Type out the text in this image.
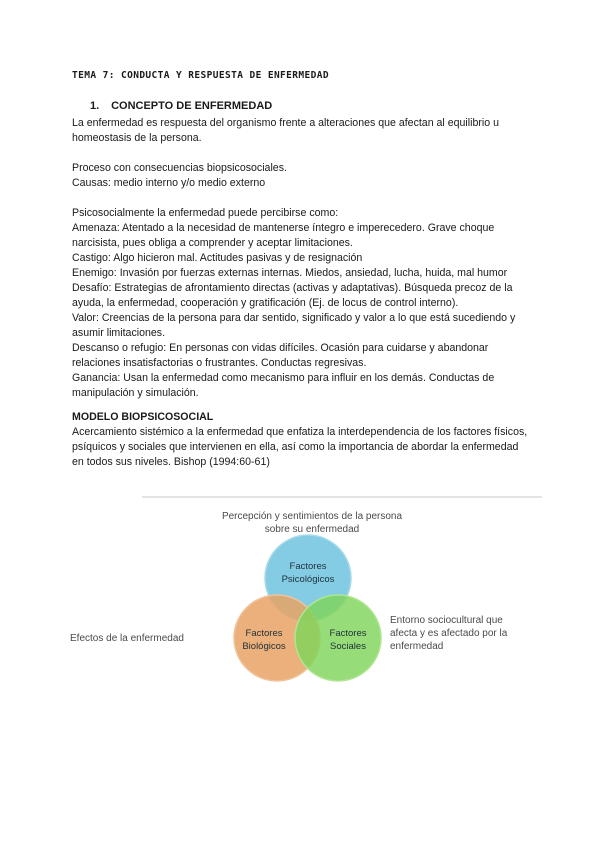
TEMA 7: CONDUCTA Y RESPUESTA DE ENFERMEDAD
1. CONCEPTO DE ENFERMEDAD

La enfermedad es respuesta del organismo frente a alteraciones que afectan al equilibrio u homeostasis de la persona.

Proceso con consecuencias biopsicosociales.

Causas: medio interno y/o medio externo

Psicosocialmente la enfermedad puede percibirse como:

Amenaza: Atentado a la necesidad de mantenerse íntegro e imperecedero. Grave choque narcisista, pues obliga a comprender y aceptar limitaciones.

Castigo: Algo hicieron mal. Actitudes pasivas y de resignación

Enemigo: Invasión por fuerzas externas internas. Miedos, ansiedad, lucha, huida, mal humor

Desafío: Estrategias de afrontamiento directas (activas y adaptativas). Búsqueda precoz de la ayuda, la enfermedad, cooperación y gratificación (Ej. de locus de control interno).

Valor: Creencias de la persona para dar sentido, significado y valor a lo que está sucediendo y asumir limitaciones.

Descanso o refugio: En personas con vidas difíciles. Ocasión para cuidarse y abandonar relaciones insatisfactorias o frustrantes. Conductas regresivas.

Ganancia: Usan la enfermedad como mecanismo para influir en los demás. Conductas de manipulación y simulación.

MODELO BIOPSICOSOCIAL

Acercamiento sistémico a la enfermedad que enfatiza la interdependencia de los factores físicos, psíquicos y sociales que intervienen en ella, así como la importancia de abordar la enfermedad en todos sus niveles. Bishop (1994:60-61)

Percepción y sentimientos de la persona sobre su enfermedad
Efectos de la enfermedad
Entorno sociocultural que afecta y es afectado por la enfermedad
Factores Psicológicos
Factores Biológicos
Factores Sociales
